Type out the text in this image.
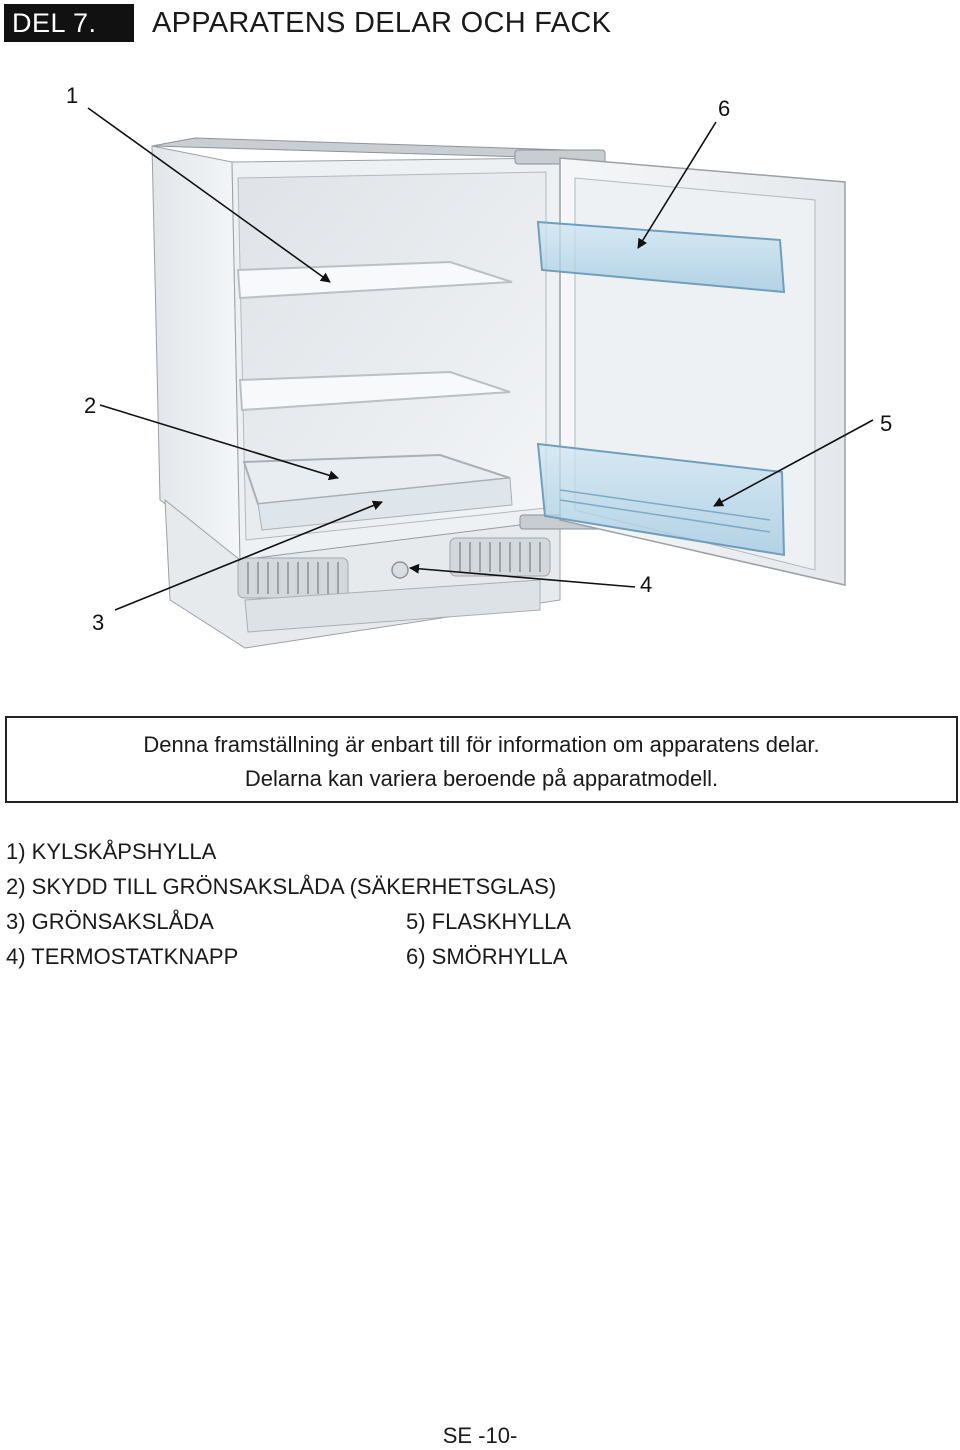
DEL 7.	APPARATENS DELAR OCH FACK
1
2
3
4
5
6
Denna framställning är enbart till för information om apparatens delar.
Delarna kan variera beroende på apparatmodell.
1) KYLSKÅPSHYLLA
2) SKYDD TILL GRÖNSAKSLÅDA (SÄKERHETSGLAS)
3) GRÖNSAKSLÅDA
4) TERMOSTATKNAPP
5) FLASKHYLLA
6) SMÖRHYLLA
SE -10-
